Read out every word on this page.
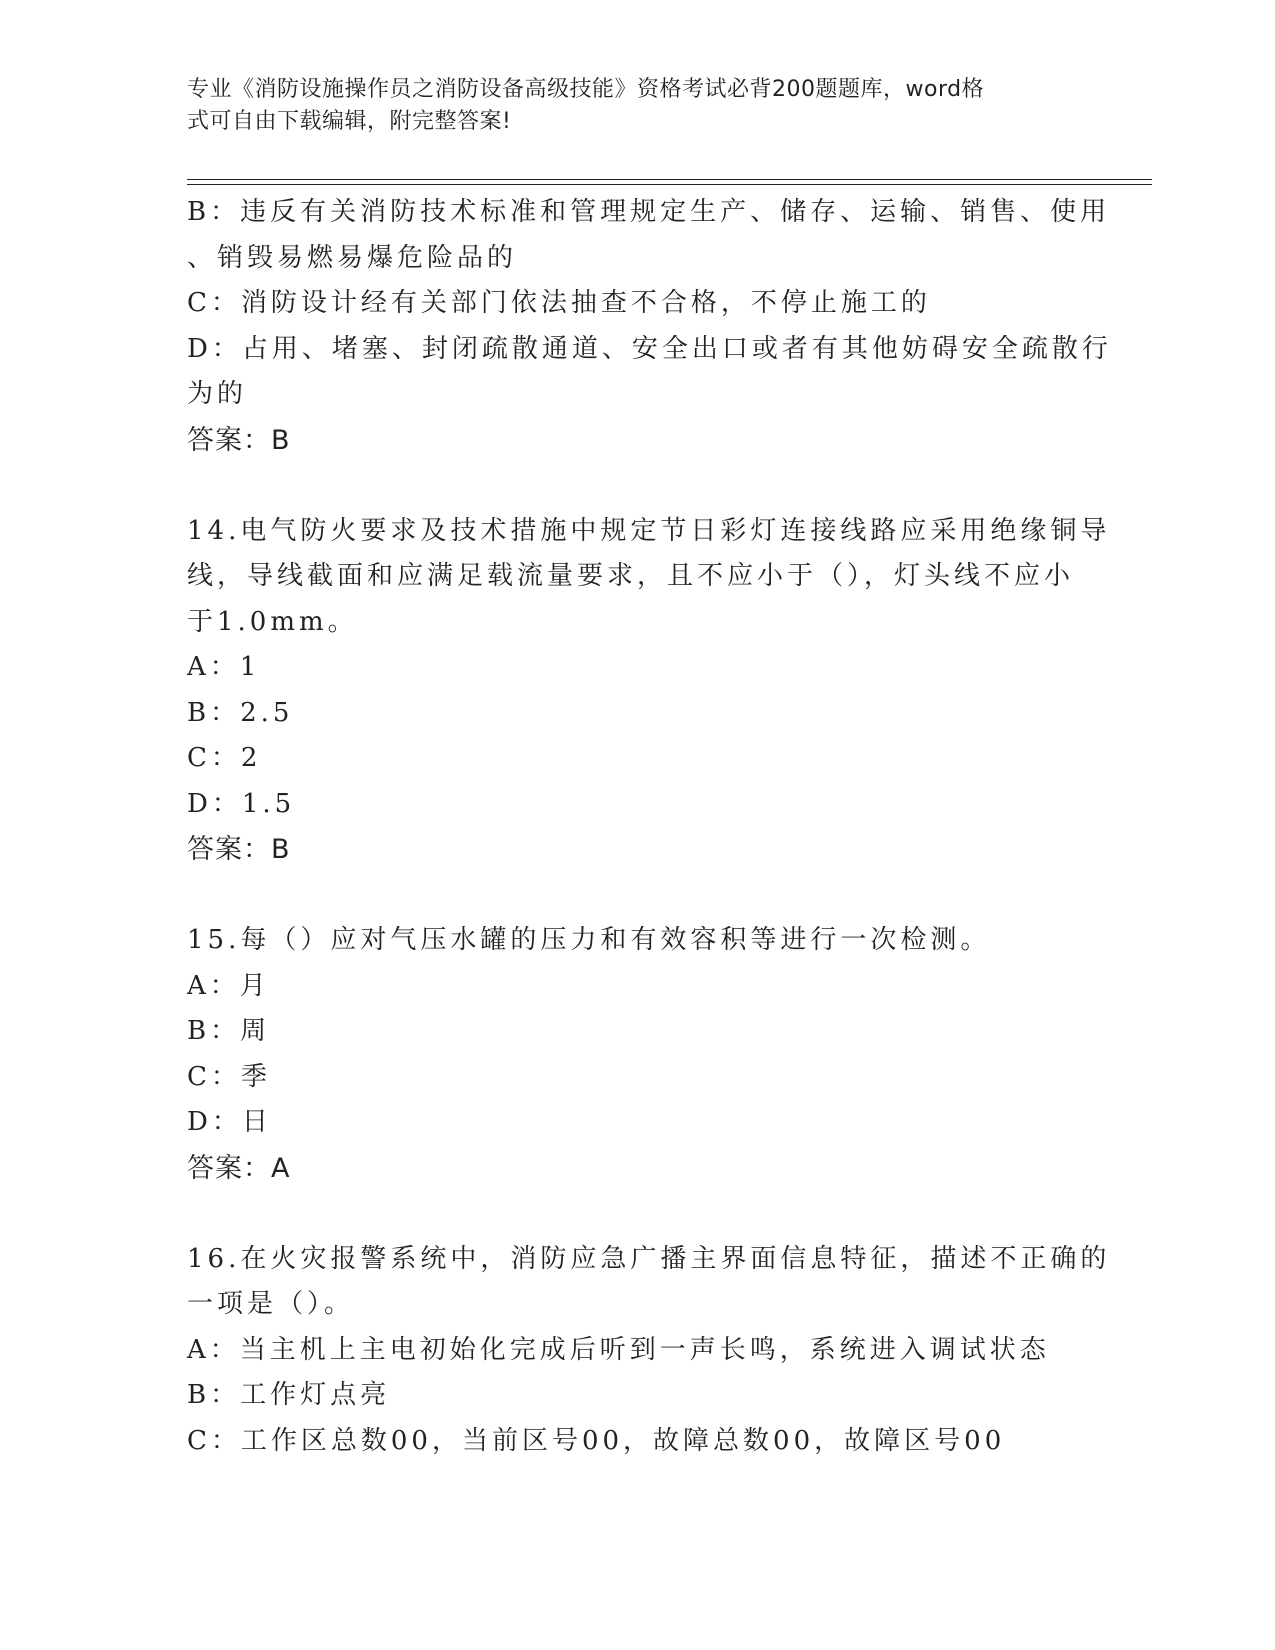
专业《消防设施操作员之消防设备高级技能》资格考试必背200题题库，word格
式可自由下载编辑，附完整答案!
B：违反有关消防技术标准和管理规定生产、储存、运输、销售、使用
、销毁易燃易爆危险品的
C：消防设计经有关部门依法抽查不合格，不停止施工的
D：占用、堵塞、封闭疏散通道、安全出口或者有其他妨碍安全疏散行
为的
答案：B
14.电气防火要求及技术措施中规定节日彩灯连接线路应采用绝缘铜导
线，导线截面和应满足载流量要求，且不应小于（），灯头线不应小
于1.0mm。
A：1
B：2.5
C：2
D：1.5
答案：B
15.每（）应对气压水罐的压力和有效容积等进行一次检测。
A：月
B：周
C：季
D：日
答案：A
16.在火灾报警系统中，消防应急广播主界面信息特征，描述不正确的
一项是（）。
A：当主机上主电初始化完成后听到一声长鸣，系统进入调试状态
B：工作灯点亮
C：工作区总数00，当前区号00，故障总数00，故障区号00
